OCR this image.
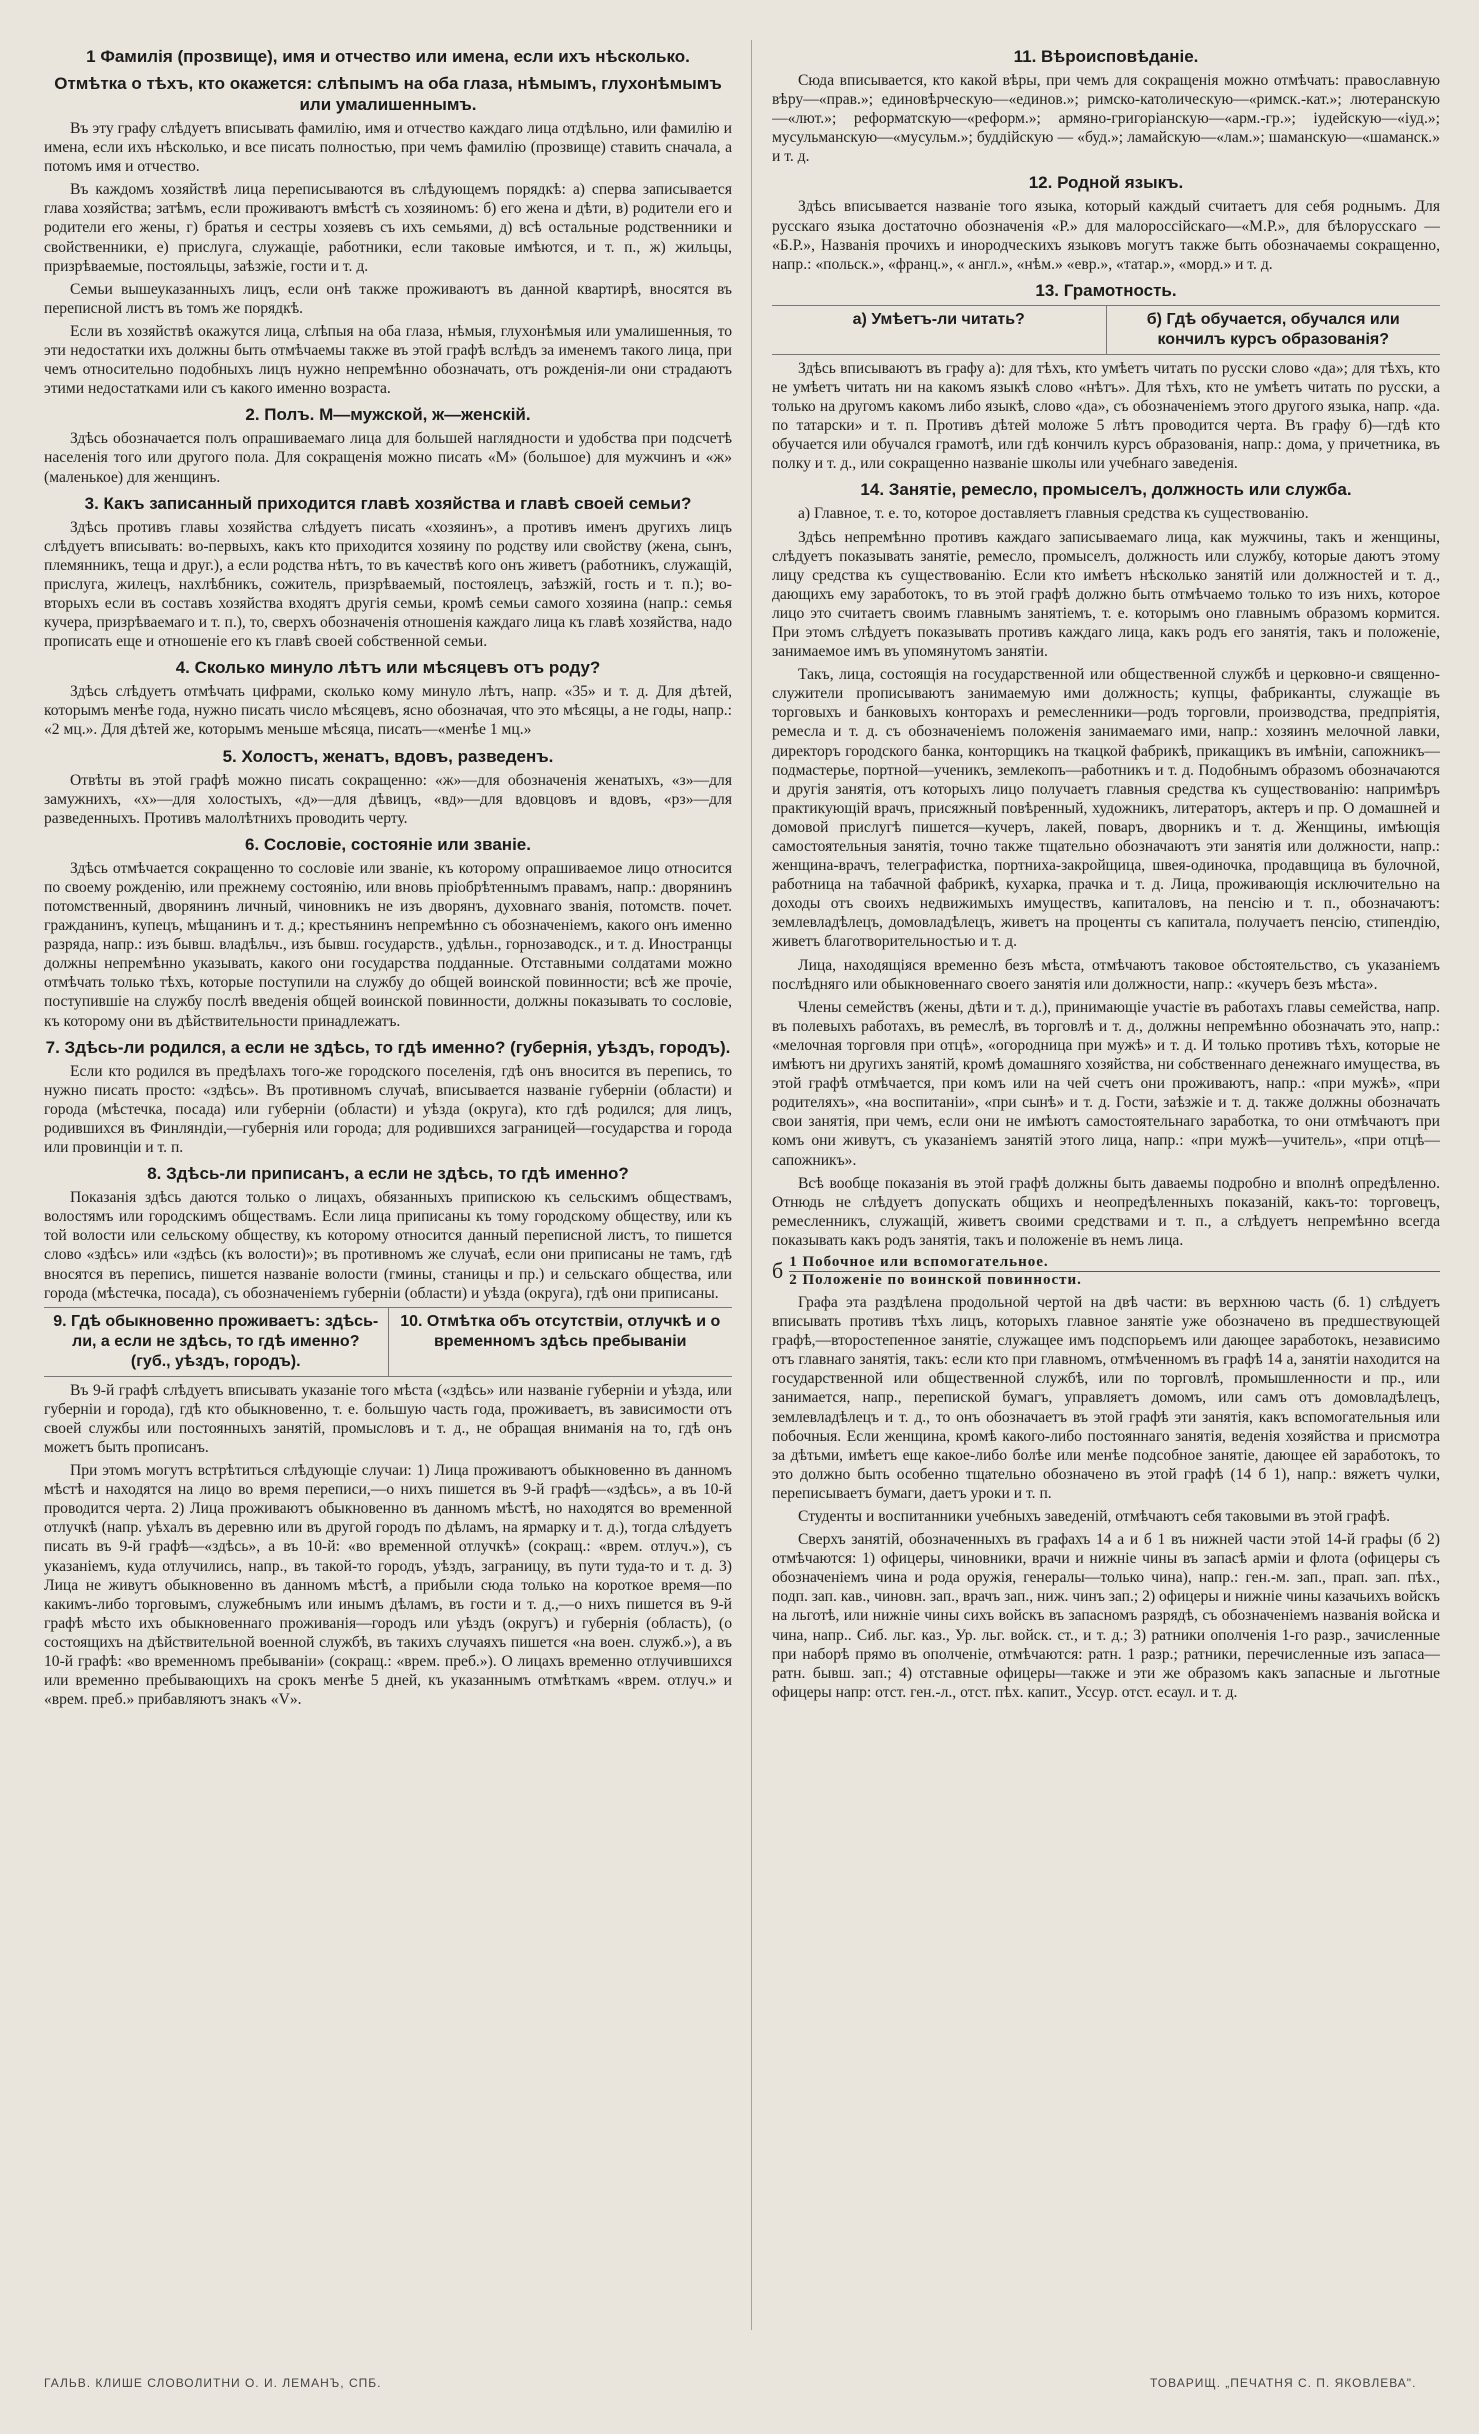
1 Фамилія (прозвище), имя и отчество или имена, если ихъ нѣсколько.
Отмѣтка о тѣхъ, кто окажется: слѣпымъ на оба глаза, нѣмымъ, глухонѣмымъ или умалишеннымъ.

Въ эту графу слѣдуетъ вписывать фамилію, имя и отчество каждаго лица отдѣльно, или фамилію и имена, если ихъ нѣсколько, и все писать полностью, при чемъ фамилію (прозвище) ставить сначала, а потомъ имя и отчество.

Въ каждомъ хозяйствѣ лица переписываются въ слѣдующемъ порядкѣ: а) сперва записывается глава хозяйства; затѣмъ, если проживаютъ вмѣстѣ съ хозяиномъ: б) его жена и дѣти, в) родители его и родители его жены, г) братья и сестры хозяевъ съ ихъ семьями, д) всѣ остальные родственники и свойственники, е) прислуга, служащіе, работники, если таковые имѣются, и т. п., ж) жильцы, призрѣваемые, постояльцы, заѣзжіе, гости и т. д.

Семьи вышеуказанныхъ лицъ, если онѣ также проживаютъ въ данной квартирѣ, вносятся въ переписной листъ въ томъ же порядкѣ.

Если въ хозяйствѣ окажутся лица, слѣпыя на оба глаза, нѣмыя, глухонѣмыя или умалишенныя, то эти недостатки ихъ должны быть отмѣчаемы также въ этой графѣ вслѣдъ за именемъ такого лица, при чемъ относительно подобныхъ лицъ нужно непремѣнно обозначать, отъ рожденія-ли они страдаютъ этими недостатками или съ какого именно возраста.

2. Полъ. М—мужской, ж—женскій.

Здѣсь обозначается полъ опрашиваемаго лица для большей наглядности и удобства при подсчетѣ населенія того или другого пола. Для сокращенія можно писать «М» (большое) для мужчинъ и «ж» (маленькое) для женщинъ.

3. Какъ записанный приходится главѣ хозяйства и главѣ своей семьи?

Здѣсь противъ главы хозяйства слѣдуетъ писать «хозяинъ», а противъ именъ другихъ лицъ слѣдуетъ вписывать: во-первыхъ, какъ кто приходится хозяину по родству или свойству (жена, сынъ, племянникъ, теща и друг.), а если родства нѣтъ, то въ качествѣ кого онъ живетъ (работникъ, служащій, прислуга, жилецъ, нахлѣбникъ, сожитель, призрѣваемый, постоялецъ, заѣзжій, гость и т. п.); во-вторыхъ если въ составъ хозяйства входятъ другія семьи, кромѣ семьи самого хозяина (напр.: семья кучера, призрѣваемаго и т. п.), то, сверхъ обозначенія отношенія каждаго лица къ главѣ хозяйства, надо прописать еще и отношеніе его къ главѣ своей собственной семьи.

4. Сколько минуло лѣтъ или мѣсяцевъ отъ роду?

Здѣсь слѣдуетъ отмѣчать цифрами, сколько кому минуло лѣтъ, напр. «35» и т. д. Для дѣтей, которымъ менѣе года, нужно писать число мѣсяцевъ, ясно обозначая, что это мѣсяцы, а не годы, напр.: «2 мц.». Для дѣтей же, которымъ меньше мѣсяца, писать—«менѣе 1 мц.»

5. Холостъ, женатъ, вдовъ, разведенъ.

Отвѣты въ этой графѣ можно писать сокращенно: «ж»—для обозначенія женатыхъ, «з»—для замужнихъ, «х»—для холостыхъ, «д»—для дѣвицъ, «вд»—для вдовцовъ и вдовъ, «рз»—для разведенныхъ. Противъ малолѣтнихъ проводить черту.

6. Сословіе, состояніе или званіе.

Здѣсь отмѣчается сокращенно то сословіе или званіе, къ которому опрашиваемое лицо относится по своему рожденію, или прежнему состоянію, или вновь пріобрѣтеннымъ правамъ, напр.: дворянинъ потомственный, дворянинъ личный, чиновникъ не изъ дворянъ, духовнаго званія, потомств. почет. гражданинъ, купецъ, мѣщанинъ и т. д.; крестьянинъ непремѣнно съ обозначеніемъ, какого онъ именно разряда, напр.: изъ бывш. владѣльч., изъ бывш. государств., удѣльн., горнозаводск., и т. д. Иностранцы должны непремѣнно указывать, какого они государства подданные. Отставными солдатами можно отмѣчать только тѣхъ, которые поступили на службу до общей воинской повинности; всѣ же прочіе, поступившіе на службу послѣ введенія общей воинской повинности, должны показывать то сословіе, къ которому они въ дѣйствительности принадлежатъ.

7. Здѣсь-ли родился, а если не здѣсь, то гдѣ именно? (губернія, уѣздъ, городъ).

Если кто родился въ предѣлахъ того-же городского поселенія, гдѣ онъ вносится въ перепись, то нужно писать просто: «здѣсь». Въ противномъ случаѣ, вписывается названіе губерніи (области) и города (мѣстечка, посада) или губерніи (области) и уѣзда (округа), кто гдѣ родился; для лицъ, родившихся въ Финляндіи,—губернія или города; для родившихся заграницей—государства и города или провинціи и т. п.

8. Здѣсь-ли приписанъ, а если не здѣсь, то гдѣ именно?

Показанія здѣсь даются только о лицахъ, обязанныхъ припискою къ сельскимъ обществамъ, волостямъ или городскимъ обществамъ. Если лица приписаны къ тому городскому обществу, или къ той волости или сельскому обществу, къ которому относится данный переписной листъ, то пишется слово «здѣсь» или «здѣсь (къ волости)»; въ противномъ же случаѣ, если они приписаны не тамъ, гдѣ вносятся въ перепись, пишется названіе волости (гмины, станицы и пр.) и сельскаго общества, или города (мѣстечка, посада), съ обозначеніемъ губерніи (области) и уѣзда (округа), гдѣ они приписаны.

9. Гдѣ обыкновенно проживаетъ: здѣсь-ли, а если не здѣсь, то гдѣ именно? (губ., уѣздъ, городъ).
10. Отмѣтка объ отсутствіи, отлучкѣ и о временномъ здѣсь пребываніи

Въ 9-й графѣ слѣдуетъ вписывать указаніе того мѣста («здѣсь» или названіе губерніи и уѣзда, или губерніи и города), гдѣ кто обыкновенно, т. е. большую часть года, проживаетъ, въ зависимости отъ своей службы или постоянныхъ занятій, промысловъ и т. д., не обращая вниманія на то, гдѣ онъ можетъ быть прописанъ.

При этомъ могутъ встрѣтиться слѣдующіе случаи: 1) Лица проживаютъ обыкновенно въ данномъ мѣстѣ и находятся на лицо во время переписи,—о нихъ пишется въ 9-й графѣ—«здѣсь», а въ 10-й проводится черта. 2) Лица проживаютъ обыкновенно въ данномъ мѣстѣ, но находятся во временной отлучкѣ (напр. уѣхалъ въ деревню или въ другой городъ по дѣламъ, на ярмарку и т. д.), тогда слѣдуетъ писать въ 9-й графѣ—«здѣсь», а въ 10-й: «во временной отлучкѣ» (сокращ.: «врем. отлуч.»), съ указаніемъ, куда отлучились, напр., въ такой-то городъ, уѣздъ, заграницу, въ пути туда-то и т. д. 3) Лица не живутъ обыкновенно въ данномъ мѣстѣ, а прибыли сюда только на короткое время—по какимъ-либо торговымъ, служебнымъ или инымъ дѣламъ, въ гости и т. д.,—о нихъ пишется въ 9-й графѣ мѣсто ихъ обыкновеннаго проживанія—городъ или уѣздъ (округъ) и губернія (область), (о состоящихъ на дѣйствительной военной службѣ, въ такихъ случаяхъ пишется «на воен. служб.»), а въ 10-й графѣ: «во временномъ пребываніи» (сокращ.: «врем. преб.»). О лицахъ временно отлучившихся или временно пребывающихъ на срокъ менѣе 5 дней, къ указаннымъ отмѣткамъ «врем. отлуч.» и «врем. преб.» прибавляютъ знакъ «V».

11. Вѣроисповѣданіе.

Сюда вписывается, кто какой вѣры, при чемъ для сокращенія можно отмѣчать: православную вѣру—«прав.»; единовѣрческую—«единов.»; римско-католическую—«римск.-кат.»; лютеранскую—«лют.»; реформатскую—«реформ.»; армяно-григоріанскую—«арм.-гр.»; іудейскую—«іуд.»; мусульманскую—«мусульм.»; буддійскую — «буд.»; ламайскую—«лам.»; шаманскую—«шаманск.» и т. д.

12. Родной языкъ.

Здѣсь вписывается названіе того языка, который каждый считаетъ для себя роднымъ. Для русскаго языка достаточно обозначенія «Р.» для малороссійскаго—«М.Р.», для бѣлорусскаго — «Б.Р.», Названія прочихъ и инородческихъ языковъ могутъ также быть обозначаемы сокращенно, напр.: «польск.», «франц.», « англ.», «нѣм.» «евр.», «татар.», «морд.» и т. д.

13. Грамотность.
а) Умѣетъ-ли читать?	б) Гдѣ обучается, обучался или кончилъ курсъ образованія?

Здѣсь вписываютъ въ графу а): для тѣхъ, кто умѣетъ читать по русски слово «да»; для тѣхъ, кто не умѣетъ читать ни на какомъ языкѣ слово «нѣтъ». Для тѣхъ, кто не умѣетъ читать по русски, а только на другомъ какомъ либо языкѣ, слово «да», съ обозначеніемъ этого другого языка, напр. «да. по татарски» и т. п. Противъ дѣтей моложе 5 лѣтъ проводится черта. Въ графу б)—гдѣ кто обучается или обучался грамотѣ, или гдѣ кончилъ курсъ образованія, напр.: дома, у причетника, въ полку и т. д., или сокращенно названіе школы или учебнаго заведенія.

14. Занятіе, ремесло, промыселъ, должность или служба.

а) Главное, т. е. то, которое доставляетъ главныя средства къ существованію.

Здѣсь непремѣнно противъ каждаго записываемаго лица, как мужчины, такъ и женщины, слѣдуетъ показывать занятіе, ремесло, промыселъ, должность или службу, которые даютъ этому лицу средства къ существованію. Если кто имѣетъ нѣсколько занятій или должностей и т. д., дающихъ ему заработокъ, то въ этой графѣ должно быть отмѣчаемо только то изъ нихъ, которое лицо это считаетъ своимъ главнымъ занятіемъ, т. е. которымъ оно главнымъ образомъ кормится. При этомъ слѣдуетъ показывать противъ каждаго лица, какъ родъ его занятія, такъ и положеніе, занимаемое имъ въ упомянутомъ занятіи.

Такъ, лица, состоящія на государственной или общественной службѣ и церковно-и священно-служители прописываютъ занимаемую ими должность; купцы, фабриканты, служащіе въ торговыхъ и банковыхъ конторахъ и ремесленники—родъ торговли, производства, предпріятія, ремесла и т. д. съ обозначеніемъ положенія занимаемаго ими, напр.: хозяинъ мелочной лавки, директоръ городского банка, конторщикъ на ткацкой фабрикѣ, прикащикъ въ имѣніи, сапожникъ—подмастерье, портной—ученикъ, землекопъ—работникъ и т. д. Подобнымъ образомъ обозначаются и другія занятія, отъ которыхъ лицо получаетъ главныя средства къ существованію: напримѣръ практикующій врачъ, присяжный повѣренный, художникъ, литераторъ, актеръ и пр. О домашней и домовой прислугѣ пишется—кучеръ, лакей, поваръ, дворникъ и т. д. Женщины, имѣющія самостоятельныя занятія, точно также тщательно обозначаютъ эти занятія или должности, напр.: женщина-врачъ, телеграфистка, портниха-закройщица, швея-одиночка, продавщица въ булочной, работница на табачной фабрикѣ, кухарка, прачка и т. д. Лица, проживающія исключительно на доходы отъ своихъ недвижимыхъ имуществъ, капиталовъ, на пенсію и т. п., обозначаютъ: землевладѣлецъ, домовладѣлецъ, живетъ на проценты съ капитала, получаетъ пенсію, стипендію, живетъ благотворительностью и т. д.

Лица, находящіяся временно безъ мѣста, отмѣчаютъ таковое обстоятельство, съ указаніемъ послѣдняго или обыкновеннаго своего занятія или должности, напр.: «кучеръ безъ мѣста».

Члены семействъ (жены, дѣти и т. д.), принимающіе участіе въ работахъ главы семейства, напр. въ полевыхъ работахъ, въ ремеслѣ, въ торговлѣ и т. д., должны непремѣнно обозначать это, напр.: «мелочная торговля при отцѣ», «огородница при мужѣ» и т. д. И только противъ тѣхъ, которые не имѣютъ ни другихъ занятій, кромѣ домашняго хозяйства, ни собственнаго денежнаго имущества, въ этой графѣ отмѣчается, при комъ или на чей счетъ они проживаютъ, напр.: «при мужѣ», «при родителяхъ», «на воспитаніи», «при сынѣ» и т. д. Гости, заѣзжіе и т. д. также должны обозначать свои занятія, при чемъ, если они не имѣютъ самостоятельнаго заработка, то они отмѣчаютъ при комъ они живутъ, съ указаніемъ занятій этого лица, напр.: «при мужѣ—учитель», «при отцѣ—сапожникъ».

Всѣ вообще показанія въ этой графѣ должны быть даваемы подробно и вполнѣ опредѣленно. Отнюдь не слѣдуетъ допускать общихъ и неопредѣленныхъ показаній, какъ-то: торговецъ, ремесленникъ, служащій, живетъ своими средствами и т. п., а слѣдуетъ непремѣнно всегда показывать какъ родъ занятія, такъ и положеніе въ немъ лица.

б 1 Побочное или вспомогательное.
2 Положеніе по воинской повинности.

Графа эта раздѣлена продольной чертой на двѣ части: въ верхнюю часть (б. 1) слѣдуетъ вписывать противъ тѣхъ лицъ, которыхъ главное занятіе уже обозначено въ предшествующей графѣ,—второстепенное занятіе, служащее имъ подспорьемъ или дающее заработокъ, независимо отъ главнаго занятія, такъ: если кто при главномъ, отмѣченномъ въ графѣ 14 а, занятіи находится на государственной или общественной службѣ, или по торговлѣ, промышленности и пр., или занимается, напр., перепиской бумагъ, управляетъ домомъ, или самъ отъ домовладѣлецъ, землевладѣлецъ и т. д., то онъ обозначаетъ въ этой графѣ эти занятія, какъ вспомогательныя или побочныя. Если женщина, кромѣ какого-либо постояннаго занятія, веденія хозяйства и присмотра за дѣтьми, имѣетъ еще какое-либо болѣе или менѣе подсобное занятіе, дающее ей заработокъ, то это должно быть особенно тщательно обозначено въ этой графѣ (14 б 1), напр.: вяжетъ чулки, переписываетъ бумаги, даетъ уроки и т. п.

Студенты и воспитанники учебныхъ заведеній, отмѣчаютъ себя таковыми въ этой графѣ.

Сверхъ занятій, обозначенныхъ въ графахъ 14 а и б 1 въ нижней части этой 14-й графы (б 2) отмѣчаются: 1) офицеры, чиновники, врачи и нижніе чины въ запасѣ арміи и флота (офицеры съ обозначеніемъ чина и рода оружія, генералы—только чина), напр.: ген.-м. зап., прап. зап. пѣх., подп. зап. кав., чиновн. зап., врачъ зап., ниж. чинъ зап.; 2) офицеры и нижніе чины казачьихъ войскъ на льготѣ, или нижніе чины сихъ войскъ въ запасномъ разрядѣ, съ обозначеніемъ названія войска и чина, напр.. Сиб. льг. каз., Ур. льг. войск. ст., и т. д.; 3) ратники ополченія 1-го разр., зачисленные при наборѣ прямо въ ополченіе, отмѣчаются: ратн. 1 разр.; ратники, перечисленные изъ запаса—ратн. бывш. зап.; 4) отставные офицеры—также и эти же образомъ какъ запасные и льготные офицеры напр: отст. ген.-л., отст. пѣх. капит., Уссур. отст. есаул. и т. д.

ГАЛЬВ. КЛИШЕ СЛОВОЛИТНИ О. И. ЛЕМАНЪ, СПБ.	ТОВАРИЩ. „ПЕЧАТНЯ С. П. ЯКОВЛЕВА".
